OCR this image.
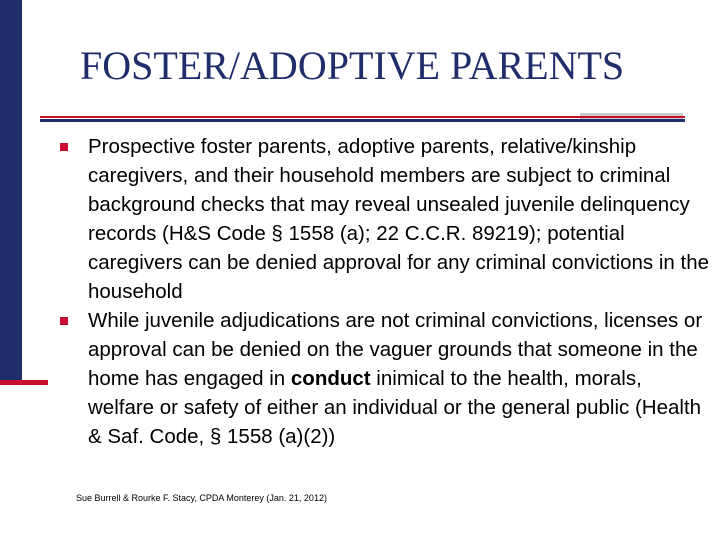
FOSTER/ADOPTIVE PARENTS
Prospective foster parents, adoptive parents, relative/kinship caregivers, and their household members are subject to criminal background checks that may reveal unsealed juvenile delinquency records (H&S Code § 1558 (a); 22 C.C.R. 89219); potential caregivers can be denied approval for any criminal convictions in the household
While juvenile adjudications are not criminal convictions, licenses or approval can be denied on the vaguer grounds that someone in the home has engaged in conduct inimical to the health, morals, welfare or safety of either an individual or the general public (Health & Saf. Code, § 1558 (a)(2))
Sue Burrell & Rourke F. Stacy, CPDA Monterey (Jan. 21, 2012)
